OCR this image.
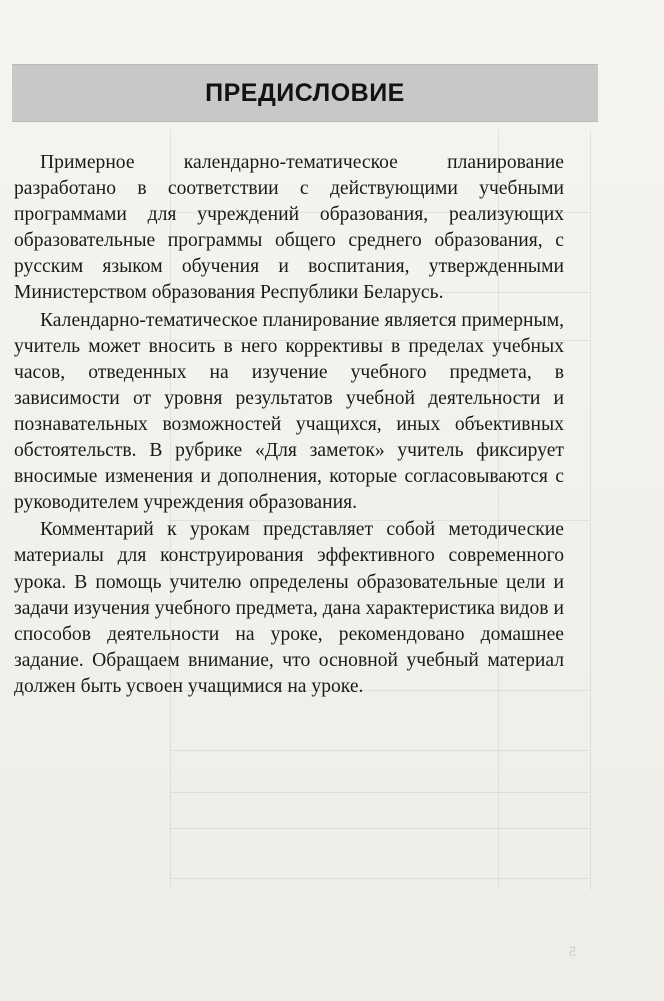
5
ПРЕДИСЛОВИЕ

Примерное календарно-тематическое планирование разработано в соответствии с действующими учебными программами для учреждений образования, реализующих образовательные программы общего среднего образования, с русским языком обучения и воспитания, утвержденными Министерством образования Республики Беларусь.

Календарно-тематическое планирование является примерным, учитель может вносить в него коррективы в пределах учебных часов, отведенных на изучение учебного предмета, в зависимости от уровня результатов учебной деятельности и познавательных возможностей учащихся, иных объективных обстоятельств. В рубрике «Для заметок» учитель фиксирует вносимые изменения и дополнения, которые согласовываются с руководителем учреждения образования.

Комментарий к урокам представляет собой методические материалы для конструирования эффективного современного урока. В помощь учителю определены образовательные цели и задачи изучения учебного предмета, дана характеристика видов и способов деятельности на уроке, рекомендовано домашнее задание. Обращаем внимание, что основной учебный материал должен быть усвоен учащимися на уроке.
